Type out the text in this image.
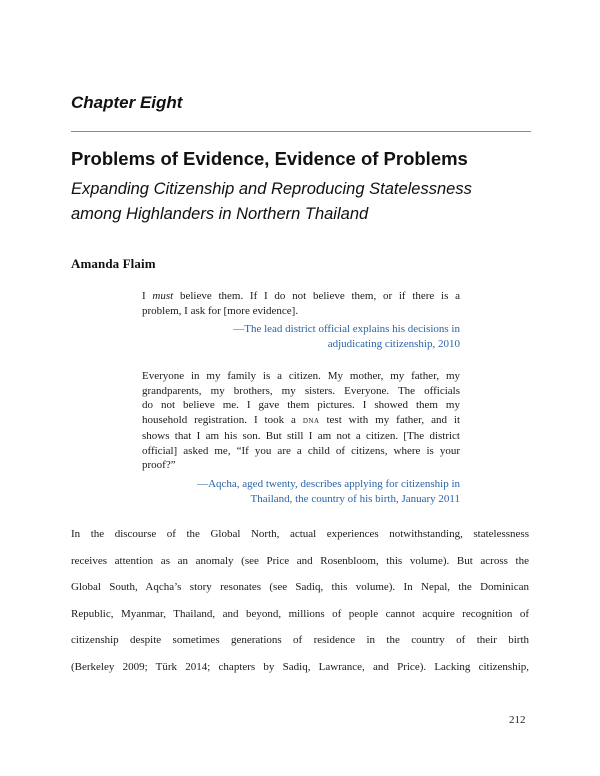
Chapter Eight
Problems of Evidence, Evidence of Problems
Expanding Citizenship and Reproducing Statelessness
among Highlanders in Northern Thailand
Amanda Flaim
I must believe them. If I do not believe them, or if there is a
problem, I ask for [more evidence].
—The lead district official explains his decisions in
adjudicating citizenship, 2010
Everyone in my family is a citizen. My mother, my father, my
grandparents, my brothers, my sisters. Everyone. The officials
do not believe me. I gave them pictures. I showed them my
household registration. I took a dna test with my father, and it
shows that I am his son. But still I am not a citizen. [The district
official] asked me, “If you are a child of citizens, where is your
proof?”
—Aqcha, aged twenty, describes applying for citizenship in
Thailand, the country of his birth, January 2011
In the discourse of the Global North, actual experiences notwithstanding, statelessness
receives attention as an anomaly (see Price and Rosenbloom, this volume). But across the
Global South, Aqcha’s story resonates (see Sadiq, this volume). In Nepal, the Dominican
Republic, Myanmar, Thailand, and beyond, millions of people cannot acquire recognition of
citizenship despite sometimes generations of residence in the country of their birth
(Berkeley 2009; Türk 2014; chapters by Sadiq, Lawrance, and Price). Lacking citizenship,
212
